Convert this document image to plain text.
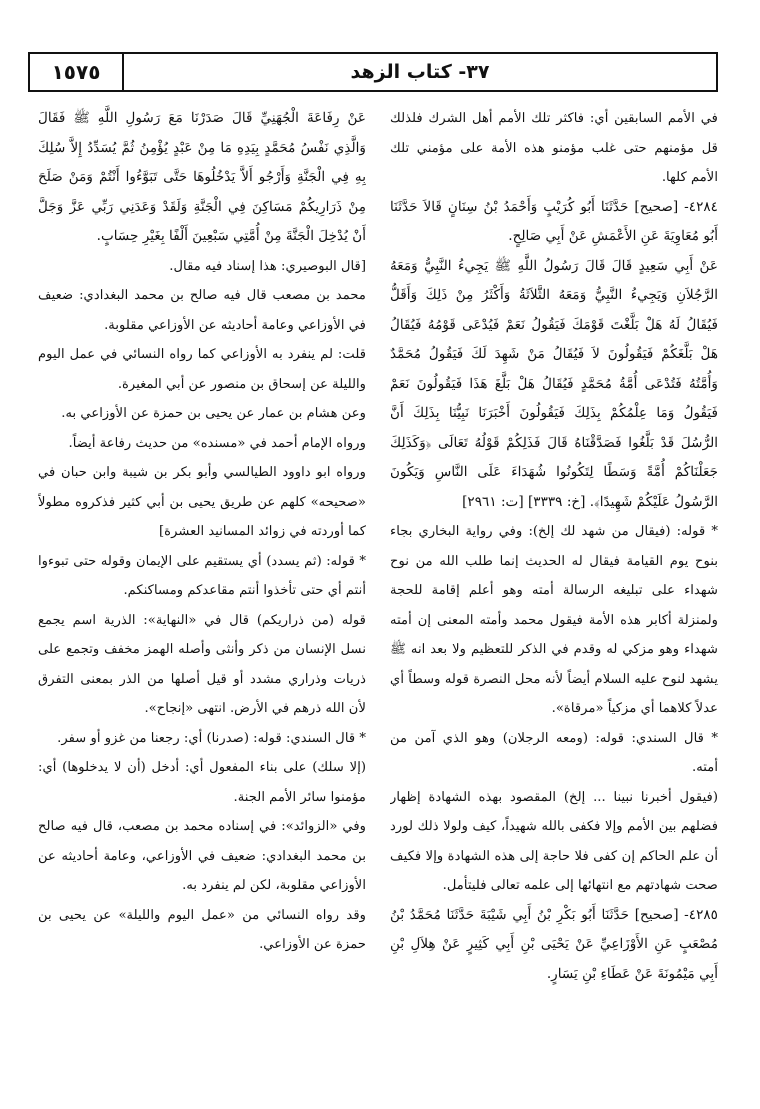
٣٧- كتاب الزهد
١٥٧٥

في الأمم السابقين أي: فاكثر تلك الأمم أهل الشرك فلذلك قل مؤمنهم حتى غلب مؤمنو هذه الأمة على مؤمني تلك الأمم كلها.

٤٢٨٤- [صحيح] حَدَّثَنَا أَبُو كُرَيْبٍ وَأَحْمَدُ بْنُ سِنَانٍ قَالاَ حَدَّثَنَا أَبُو مُعَاوِيَةَ عَنِ الأَعْمَشِ عَنْ أَبِي صَالِحٍ.

عَنْ أَبِي سَعِيدٍ قَالَ قَالَ رَسُولُ اللَّهِ ﷺ يَجِيءُ النَّبِيُّ وَمَعَهُ الرَّجُلاَنِ وَيَجِيءُ النَّبِيُّ وَمَعَهُ الثَّلاَثَةُ وَأَكْثَرُ مِنْ ذَلِكَ وَأَقَلُّ فَيُقَالُ لَهُ هَلْ بَلَّغْتَ قَوْمَكَ فَيَقُولُ نَعَمْ فَيُدْعَى قَوْمُهُ فَيُقَالُ هَلْ بَلَّغَكُمْ فَيَقُولُونَ لاَ فَيُقَالُ مَنْ شَهِدَ لَكَ فَيَقُولُ مُحَمَّدٌ وَأُمَّتُهُ فَتُدْعَى أُمَّةُ مُحَمَّدٍ فَيُقَالُ هَلْ بَلَّغَ هَذَا فَيَقُولُونَ نَعَمْ فَيَقُولُ وَمَا عِلْمُكُمْ بِذَلِكَ فَيَقُولُونَ أَخْبَرَنَا نَبِيُّنَا بِذَلِكَ أَنَّ الرُّسُلَ قَدْ بَلَّغُوا فَصَدَّقْنَاهُ قَالَ فَذَلِكُمْ قَوْلُهُ تَعَالَى ﴿وَكَذَلِكَ جَعَلْنَاكُمْ أُمَّةً وَسَطًا لِتَكُونُوا شُهَدَاءَ عَلَى النَّاسِ وَيَكُونَ الرَّسُولُ عَلَيْكُمْ شَهِيدًا﴾. [خ: ٣٣٣٩] [ت: ٢٩٦١]

* قوله: (فيقال من شهد لك إلخ): وفي رواية البخاري بجاء بنوح يوم القيامة فيقال له الحديث إنما طلب الله من نوح شهداء على تبليغه الرسالة أمته وهو أعلم إقامة للحجة ولمنزلة أكابر هذه الأمة فيقول محمد وأمته المعنى إن أمته شهداء وهو مزكي له وقدم في الذكر للتعظيم ولا بعد انه ﷺ يشهد لنوح عليه السلام أيضاً لأنه محل النصرة قوله وسطاً أي عدلاً كلاهما أي مزكياً «مرقاة».

* قال السندي: قوله: (ومعه الرجلان) وهو الذي آمن من أمته.

(فيقول أخبرنا نبينا ... إلخ) المقصود بهذه الشهادة إظهار فضلهم بين الأمم وإلا فكفى بالله شهيداً، كيف ولولا ذلك لورد أن علم الحاكم إن كفى فلا حاجة إلى هذه الشهادة وإلا فكيف صحت شهادتهم مع انتهائها إلى علمه تعالى فليتأمل.

٤٢٨٥- [صحيح] حَدَّثَنَا أَبُو بَكْرِ بْنُ أَبِي شَيْبَةَ حَدَّثَنَا مُحَمَّدُ بْنُ مُصْعَبٍ عَنِ الأَوْزَاعِيِّ عَنْ يَحْيَى بْنِ أَبِي كَثِيرٍ عَنْ هِلاَلِ بْنِ أَبِي مَيْمُونَةَ عَنْ عَطَاءِ بْنِ يَسَارٍ.

عَنْ رِفَاعَةَ الْجُهَنِيِّ قَالَ صَدَرْنَا مَعَ رَسُولِ اللَّهِ ﷺ فَقَالَ وَالَّذِي نَفْسُ مُحَمَّدٍ بِيَدِهِ مَا مِنْ عَبْدٍ يُؤْمِنُ ثُمَّ يُسَدِّدُ إِلاَّ سُلِكَ بِهِ فِي الْجَنَّةِ وَأَرْجُو أَلاَّ يَدْخُلُوهَا حَتَّى تَبَوَّءُوا أَنْتُمْ وَمَنْ صَلَحَ مِنْ ذَرَارِيكُمْ مَسَاكِنَ فِي الْجَنَّةِ وَلَقَدْ وَعَدَنِي رَبِّي عَزَّ وَجَلَّ أَنْ يُدْخِلَ الْجَنَّةَ مِنْ أُمَّتِي سَبْعِينَ أَلْفًا بِغَيْرِ حِسَابٍ.

[قال البوصيري: هذا إسناد فيه مقال.

محمد بن مصعب قال فيه صالح بن محمد البغدادي: ضعيف في الأوزاعي وعامة أحاديثه عن الأوزاعي مقلوبة.

قلت: لم ينفرد به الأوزاعي كما رواه النسائي في عمل اليوم والليلة عن إسحاق بن منصور عن أبي المغيرة.

وعن هشام بن عمار عن يحيى بن حمزة عن الأوزاعي به.

ورواه الإمام أحمد في «مسنده» من حديث رفاعة أيضاً.

ورواه ابو داوود الطيالسي وأبو بكر بن شيبة وابن حبان في «صحيحه» كلهم عن طريق يحيى بن أبي كثير فذكروه مطولاً كما أوردته في زوائد المسانيد العشرة]

* قوله: (ثم يسدد) أي يستقيم على الإيمان وقوله حتى تبوءوا أنتم أي حتى تأخذوا أنتم مقاعدكم ومساكنكم.

قوله (من ذراريكم) قال في «النهاية»: الذرية اسم يجمع نسل الإنسان من ذكر وأنثى وأصله الهمز مخفف وتجمع على ذريات وذراري مشدد أو قيل أصلها من الذر بمعنى التفرق لأن الله ذرهم في الأرض. انتهى «إنجاح».

* قال السندي: قوله: (صدرنا) أي: رجعنا من غزو أو سفر.

(إلا سلك) على بناء المفعول أي: أدخل (أن لا يدخلوها) أي: مؤمنوا سائر الأمم الجنة.

وفي «الزوائد»: في إسناده محمد بن مصعب، قال فيه صالح بن محمد البغدادي: ضعيف في الأوزاعي، وعامة أحاديثه عن الأوزاعي مقلوبة، لكن لم ينفرد به.

وقد رواه النسائي من «عمل اليوم والليلة» عن يحيى بن حمزة عن الأوزاعي.
